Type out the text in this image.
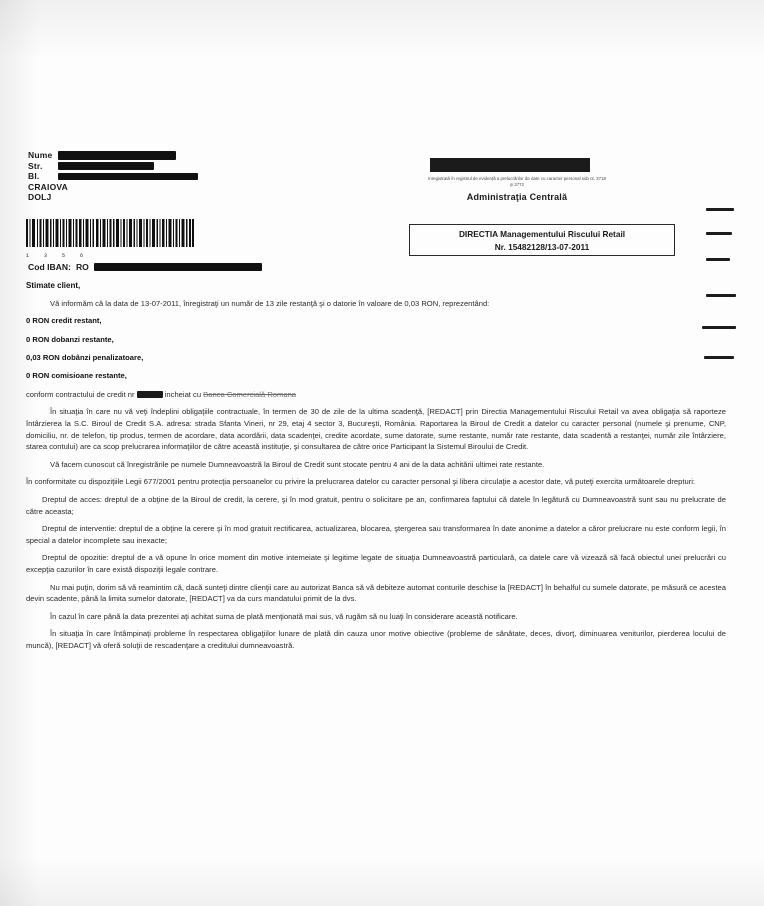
Nume
Str.
Bl.
CRAIOVA
DOLJ
1 3 5 6
Cod IBAN: RO
Inregistrată în registrul de evidență a prelucrărilor de date cu caracter personal sub nr. 3718 și 3772
Administraţia Centrală
DIRECTIA Managementului Riscului Retail
Nr. 15482128/13-07-2011

Stimate client,

Vă informăm că la data de 13-07-2011, înregistraţi un număr de 13 zile restanţă şi o datorie în valoare de 0,03 RON, reprezentând:

0 RON credit restant,

0 RON dobanzi restante,

0,03 RON dobânzi penalizatoare,

0 RON comisioane restante,

conform contractului de credit nr	incheiat cu Banca Comercială Romana

În situaţia în care nu vă veţi îndeplini obligaţiile contractuale, în termen de 30 de zile de la ultima scadenţă, [REDACT] prin Directia Managementului Riscului Retail va avea obligaţia să raporteze întârzierea la S.C. Biroul de Credit S.A. adresa: strada Sfanta Vineri, nr 29, etaj 4 sector 3, Bucureşti, România. Raportarea la Biroul de Credit a datelor cu caracter personal (numele şi prenume, CNP, domiciliu, nr. de telefon, tip produs, termen de acordare, data acordării, data scadenţei, credite acordate, sume datorate, sume restante, număr rate restante, data scadentă a restanţei, număr zile întârziere, starea contului) are ca scop prelucrarea informaţiilor de către această instituţie, şi consultarea de către orice Participant la Sistemul Biroului de Credit.

Vă facem cunoscut că înregistrările pe numele Dumneavoastră la Biroul de Credit sunt stocate pentru 4 ani de la data achitării ultimei rate restante.

În conformitate cu dispoziţiile Legii 677/2001 pentru protecţia persoanelor cu privire la prelucrarea datelor cu caracter personal şi libera circulaţie a acestor date, vă puteţi exercita următoarele drepturi:

Dreptul de acces: dreptul de a obţine de la Biroul de credit, la cerere, şi în mod gratuit, pentru o solicitare pe an, confirmarea faptului că datele în legătură cu Dumneavoastră sunt sau nu prelucrate de către aceasta;

Dreptul de interventie: dreptul de a obţine la cerere şi în mod gratuit rectificarea, actualizarea, blocarea, ştergerea sau transformarea în date anonime a datelor a căror prelucrare nu este conform legii, în special a datelor incomplete sau inexacte;

Dreptul de opozitie: dreptul de a vă opune în orice moment din motive intemeiate şi legitime legate de situaţia Dumneavoastră particulară, ca datele care vă vizează să facă obiectul unei prelucrări cu excepţia cazurilor în care există dispoziţii legale contrare.

Nu mai puţin, dorim să vă reamintim că, dacă sunteţi dintre clienţii care au autorizat Banca să vă debiteze automat conturile deschise la [REDACT] în behalful cu sumele datorate, pe măsură ce acestea devin scadente, până la limita sumelor datorate, [REDACT] va da curs mandatului primit de la dvs.

În cazul în care până la data prezentei aţi achitat suma de plată menţionată mai sus, vă rugăm să nu luaţi în considerare această notificare.

În situaţia în care întâmpinaţi probleme în respectarea obligaţiilor lunare de plată din cauza unor motive obiective (probleme de sănătate, deces, divorţ, diminuarea veniturilor, pierderea locului de muncă), [REDACT] vă oferă soluţii de rescadenţare a creditului dumneavoastră.
